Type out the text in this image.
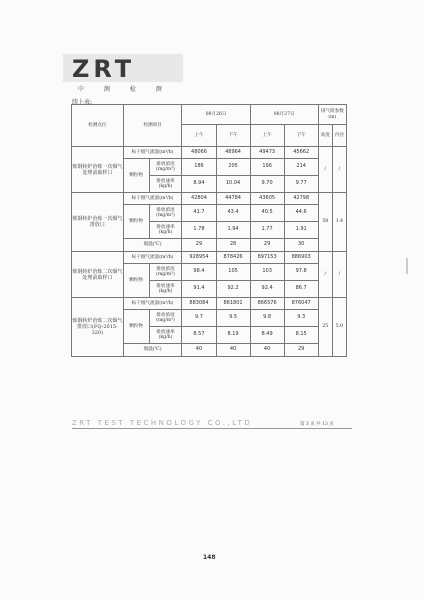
ZRT
中 测 检 测
续上表:
检测点位	检测项目		08月26日		08月27日		排气筒参数(m)	
			上午	下午	上午	下午	高度	内径
炼钢转炉治炼一次烟气处理前取样口	标干烟气流量(m³/h)		48066	48964	49473	45662	/	/
	颗粒物	排放浓度(mg/m³)	186	205	196	214		
		排放速率(kg/h)	8.94	10.04	9.70	9.77		
炼钢转炉治炼一次烟气排放口	标干烟气流量(m³/h)		42804	44784	43605	42798	58	1.4
	颗粒物	排放浓度(mg/m³)	41.7	43.4	40.5	44.6		
		排放速率(kg/h)	1.78	1.94	1.77	1.91		
	烟温(℃)		29	28	29	30		
炼钢转炉治炼二次烟气处理前取样口	标干烟气流量(m³/h)		928954	878426	897153	886903	/	/
	颗粒物	排放浓度(mg/m³)	98.4	105	103	97.8		
		排放速率(kg/h)	91.4	92.2	92.4	86.7		
炼钢转炉治炼二次烟气排放口(FQ-2015-320)	标干烟气流量(m³/h)		883084	861801	866576	876047	25	5.0
	颗粒物	排放浓度(mg/m³)	9.7	9.5	9.8	9.3		
		排放速率(kg/h)	8.57	8.19	8.49	8.15		
	烟温(℃)		40	40	40	29		
ZRT TEST TECHNOLOGY CO.,LTD	第 3 页 共 13 页
148
